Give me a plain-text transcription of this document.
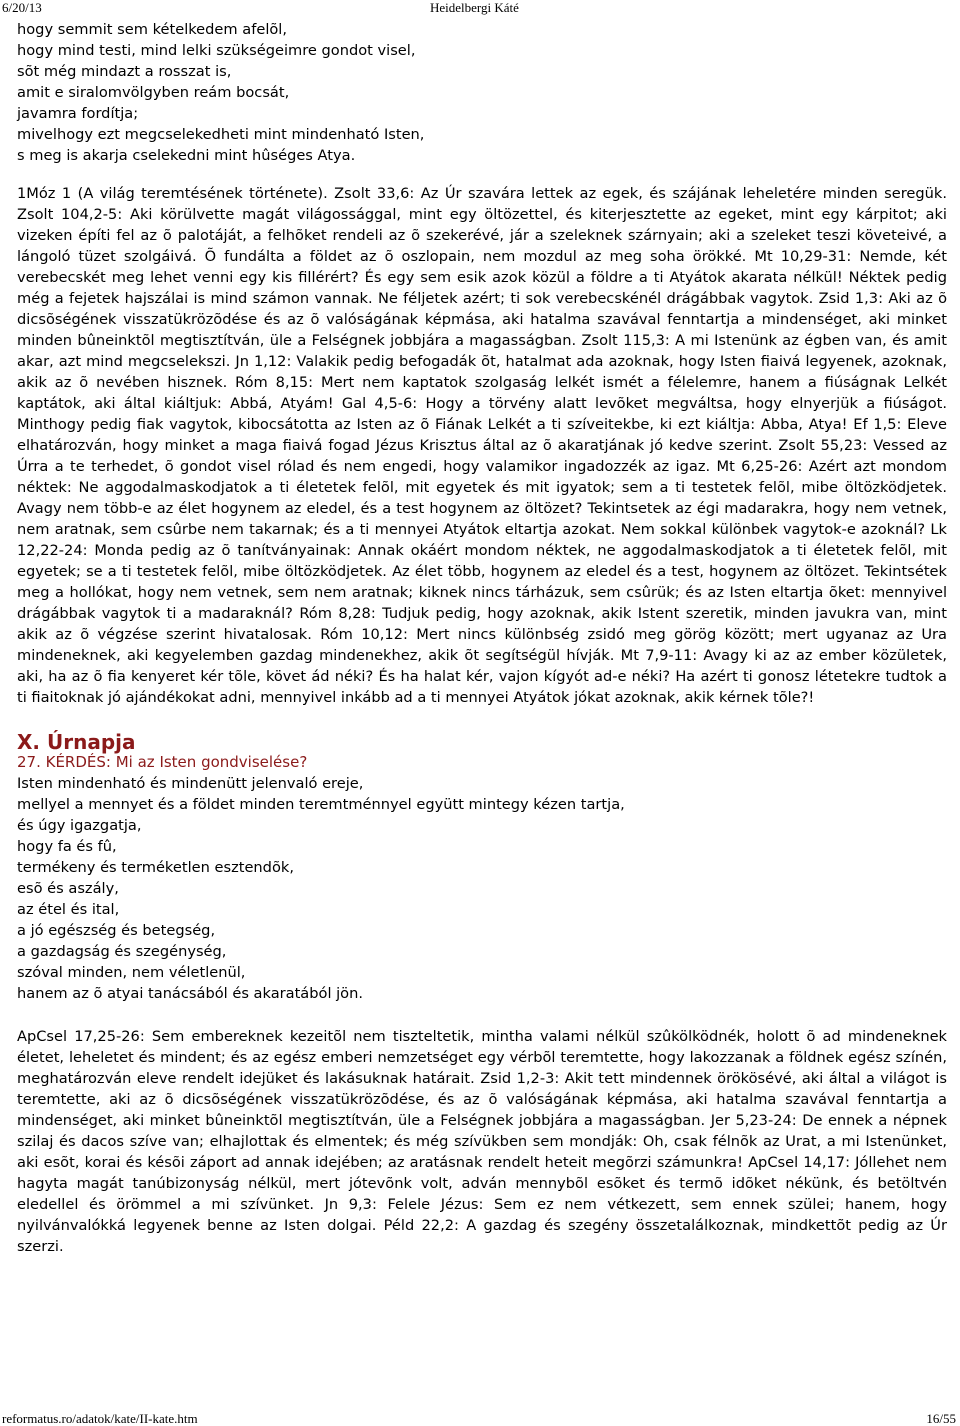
6/20/13	Heidelbergi Káté
hogy semmit sem kételkedem afelõl,
hogy mind testi, mind lelki szükségeimre gondot visel,
sõt még mindazt a rosszat is,
amit e siralomvölgyben reám bocsát,
javamra fordítja;
mivelhogy ezt megcselekedheti mint mindenható Isten,
s meg is akarja cselekedni mint hûséges Atya.

1Móz 1 (A világ teremtésének története). Zsolt 33,6: Az Úr szavára lettek az egek, és szájának leheletére minden seregük. Zsolt 104,2-5: Aki körülvette magát világossággal, mint egy öltözettel, és kiterjesztette az egeket, mint egy kárpitot; aki vizeken építi fel az õ palotáját, a felhõket rendeli az õ szekerévé, jár a szeleknek szárnyain; aki a szeleket teszi követeivé, a lángoló tüzet szolgáivá. Õ fundálta a földet az õ oszlopain, nem mozdul az meg soha örökké. Mt 10,29-31: Nemde, két verebecskét meg lehet venni egy kis fillérért? És egy sem esik azok közül a földre a ti Atyátok akarata nélkül! Néktek pedig még a fejetek hajszálai is mind számon vannak. Ne féljetek azért; ti sok verebecskénél drágábbak vagytok. Zsid 1,3: Aki az õ dicsõségének visszatükrözõdése és az õ valóságának képmása, aki hatalma szavával fenntartja a mindenséget, aki minket minden bûneinktõl megtisztítván, üle a Felségnek jobbjára a magasságban. Zsolt 115,3: A mi Istenünk az égben van, és amit akar, azt mind megcselekszi. Jn 1,12: Valakik pedig befogadák õt, hatalmat ada azoknak, hogy Isten fiaivá legyenek, azoknak, akik az õ nevében hisznek. Róm 8,15: Mert nem kaptatok szolgaság lelkét ismét a félelemre, hanem a fiúságnak Lelkét kaptátok, aki által kiáltjuk: Abbá, Atyám! Gal 4,5-6: Hogy a törvény alatt levõket megváltsa, hogy elnyerjük a fiúságot. Minthogy pedig fiak vagytok, kibocsátotta az Isten az õ Fiának Lelkét a ti szíveitekbe, ki ezt kiáltja: Abba, Atya! Ef 1,5: Eleve elhatározván, hogy minket a maga fiaivá fogad Jézus Krisztus által az õ akaratjának jó kedve szerint. Zsolt 55,23: Vessed az Úrra a te terhedet, õ gondot visel rólad és nem engedi, hogy valamikor ingadozzék az igaz. Mt 6,25-26: Azért azt mondom néktek: Ne aggodalmaskodjatok a ti életetek felõl, mit egyetek és mit igyatok; sem a ti testetek felõl, mibe öltözködjetek. Avagy nem több-e az élet hogynem az eledel, és a test hogynem az öltözet? Tekintsetek az égi madarakra, hogy nem vetnek, nem aratnak, sem csûrbe nem takarnak; és a ti mennyei Atyátok eltartja azokat. Nem sokkal különbek vagytok-e azoknál? Lk 12,22-24: Monda pedig az õ tanítványainak: Annak okáért mondom néktek, ne aggodalmaskodjatok a ti életetek felõl, mit egyetek; se a ti testetek felõl, mibe öltözködjetek. Az élet több, hogynem az eledel és a test, hogynem az öltözet. Tekintsétek meg a hollókat, hogy nem vetnek, sem nem aratnak; kiknek nincs tárházuk, sem csûrük; és az Isten eltartja õket: mennyivel drágábbak vagytok ti a madaraknál? Róm 8,28: Tudjuk pedig, hogy azoknak, akik Istent szeretik, minden javukra van, mint akik az õ végzése szerint hivatalosak. Róm 10,12: Mert nincs különbség zsidó meg görög között; mert ugyanaz az Ura mindeneknek, aki kegyelemben gazdag mindenekhez, akik õt segítségül hívják. Mt 7,9-11: Avagy ki az az ember közületek, aki, ha az õ fia kenyeret kér tõle, követ ád néki? És ha halat kér, vajon kígyót ad-e néki? Ha azért ti gonosz létetekre tudtok a ti fiaitoknak jó ajándékokat adni, mennyivel inkább ad a ti mennyei Atyátok jókat azoknak, akik kérnek tõle?!

X. Úrnapja

27. KÉRDÉS: Mi az Isten gondviselése?

Isten mindenható és mindenütt jelenvaló ereje,
mellyel a mennyet és a földet minden teremtménnyel együtt mintegy kézen tartja,
és úgy igazgatja,
hogy fa és fû,
termékeny és terméketlen esztendõk,
esõ és aszály,
az étel és ital,
a jó egészség és betegség,
a gazdagság és szegénység,
szóval minden, nem véletlenül,
hanem az õ atyai tanácsából és akaratából jön.

ApCsel 17,25-26: Sem embereknek kezeitõl nem tiszteltetik, mintha valami nélkül szûkölködnék, holott õ ad mindeneknek életet, leheletet és mindent; és az egész emberi nemzetséget egy vérbõl teremtette, hogy lakozzanak a földnek egész színén, meghatározván eleve rendelt idejüket és lakásuknak határait. Zsid 1,2-3: Akit tett mindennek örökösévé, aki által a világot is teremtette, aki az õ dicsõségének visszatükrözõdése, és az õ valóságának képmása, aki hatalma szavával fenntartja a mindenséget, aki minket bûneinktõl megtisztítván, üle a Felségnek jobbjára a magasságban. Jer 5,23-24: De ennek a népnek szilaj és dacos szíve van; elhajlottak és elmentek; és még szívükben sem mondják: Oh, csak félnõk az Urat, a mi Istenünket, aki esõt, korai és késõi záport ad annak idejében; az aratásnak rendelt heteit megõrzi számunkra! ApCsel 14,17: Jóllehet nem hagyta magát tanúbizonyság nélkül, mert jótevõnk volt, adván mennybõl esõket és termõ idõket nékünk, és betöltvén eledellel és örömmel a mi szívünket. Jn 9,3: Felele Jézus: Sem ez nem vétkezett, sem ennek szülei; hanem, hogy nyilvánvalókká legyenek benne az Isten dolgai. Péld 22,2: A gazdag és szegény összetalálkoznak, mindkettõt pedig az Úr szerzi.

reformatus.ro/adatok/kate/II-kate.htm	16/55
